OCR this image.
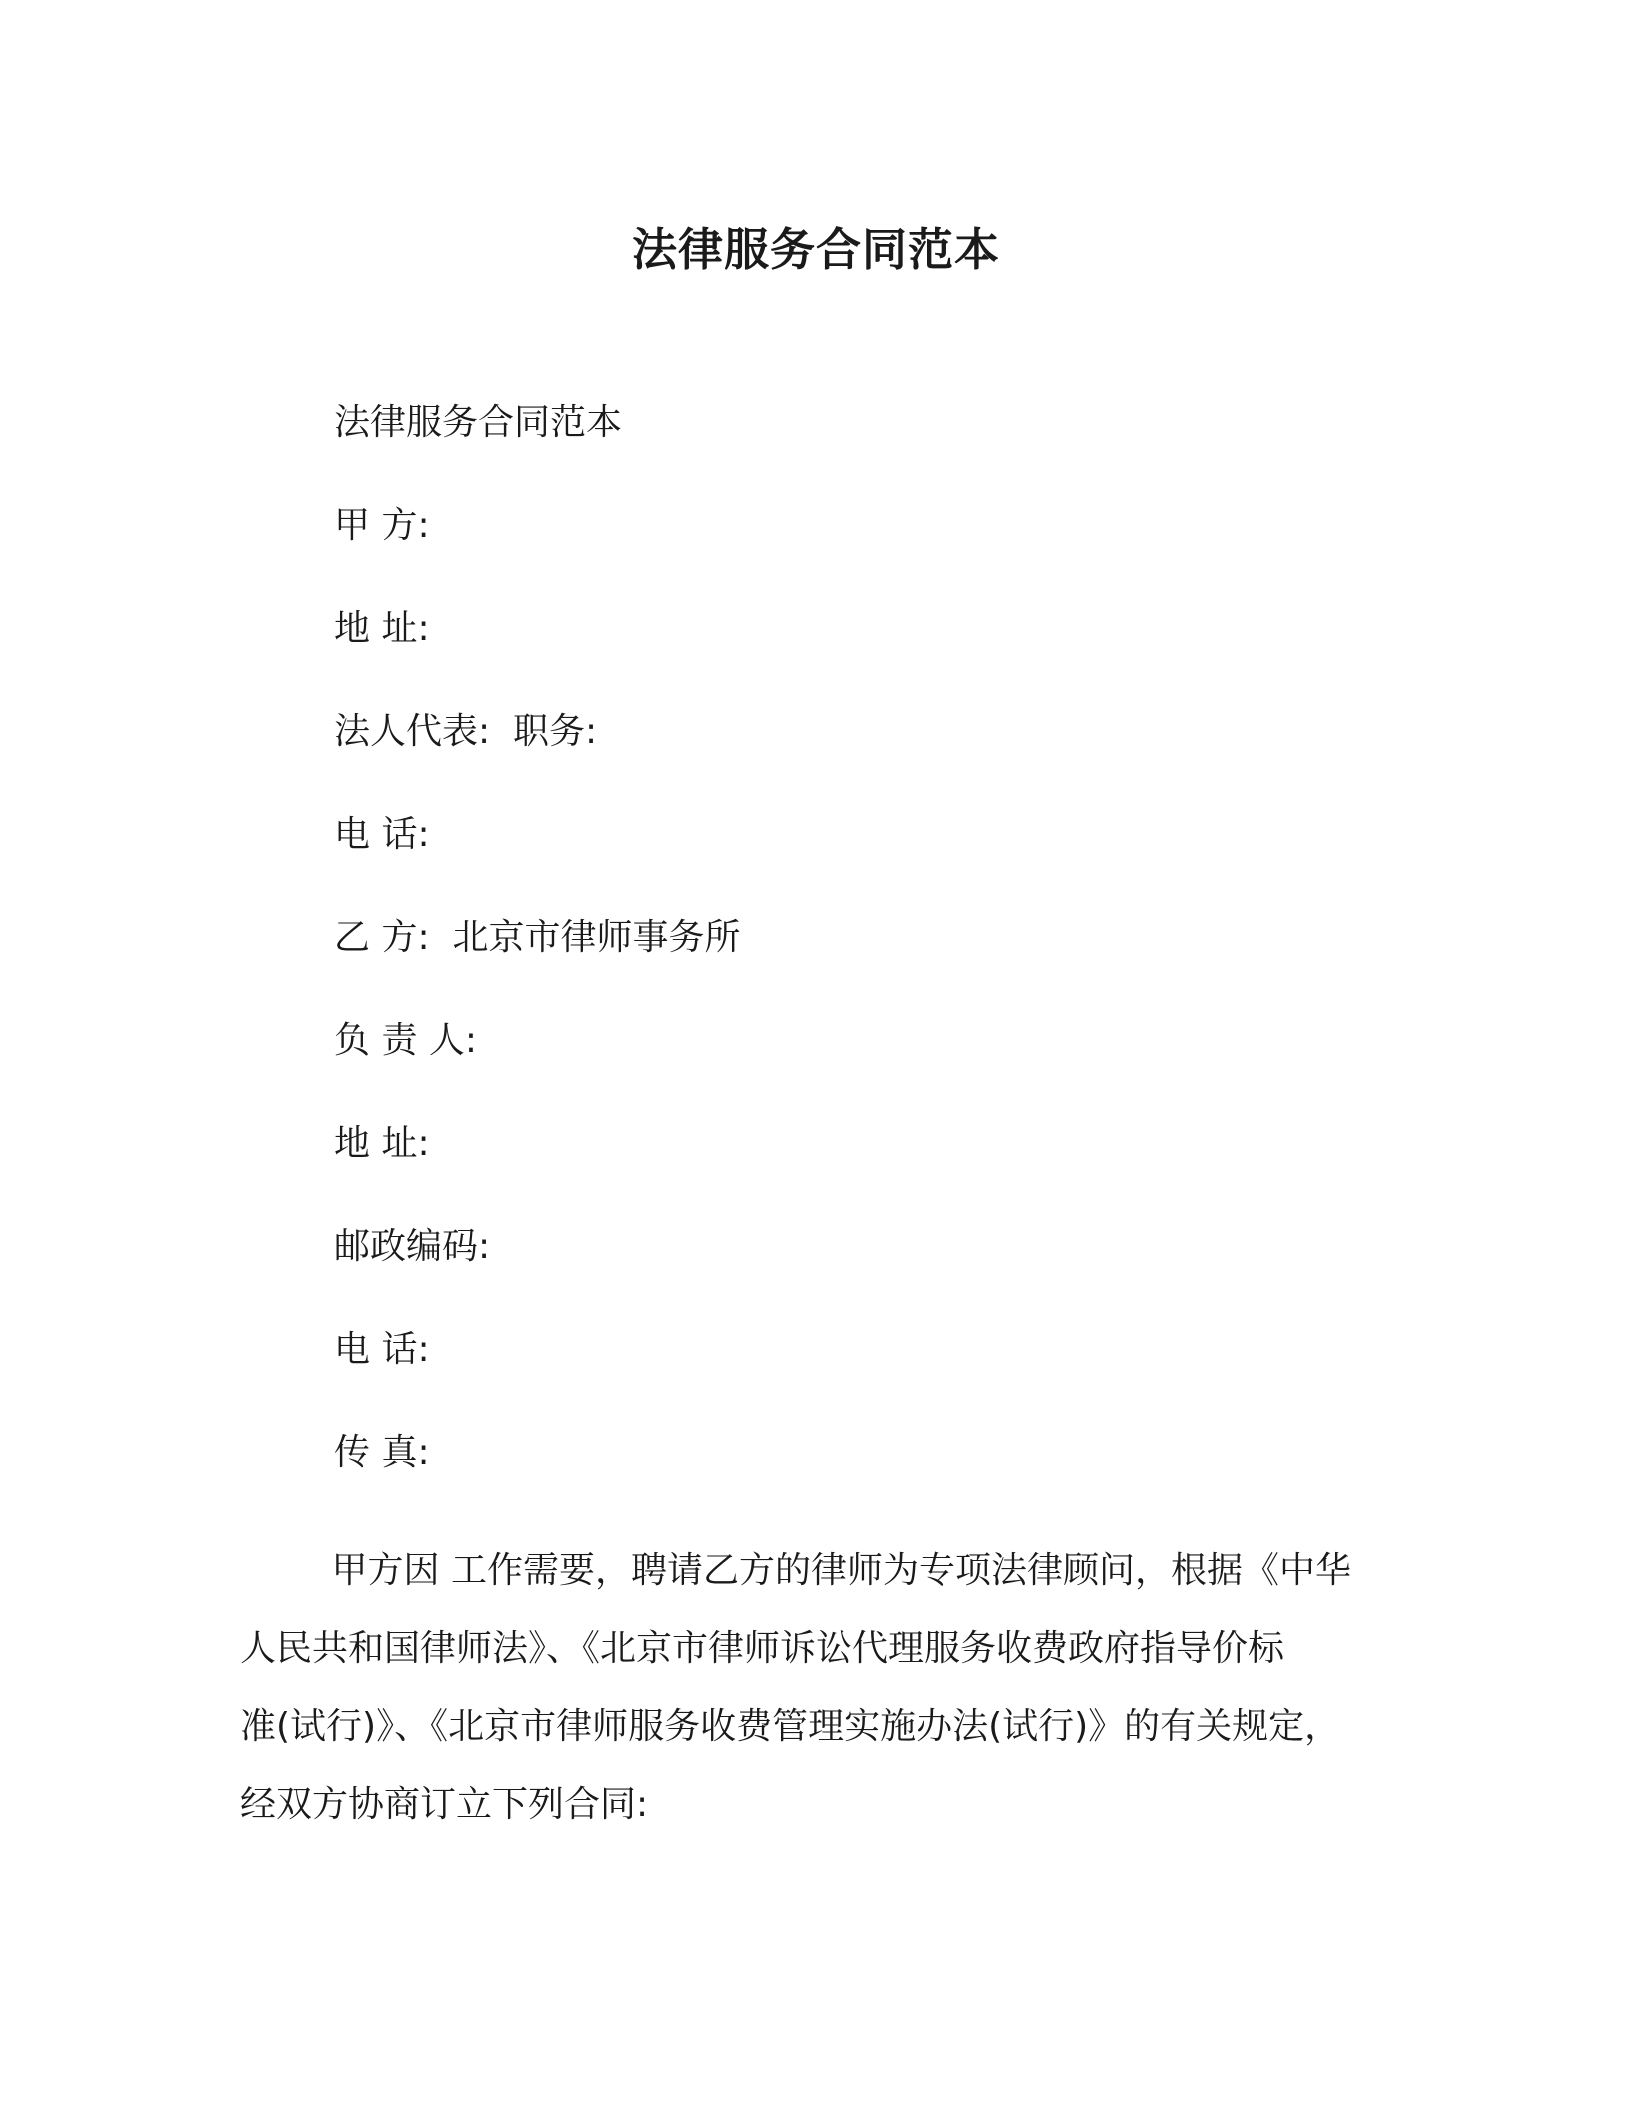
法律服务合同范本

法律服务合同范本

甲 方:

地 址:

法人代表:  职务:

电 话:

乙 方:  北京市律师事务所

负 责 人:

地 址:

邮政编码:

电 话:

传 真:

甲方因 工作需要，聘请乙方的律师为专项法律顾问，根据《中华
人民共和国律师法》、《北京市律师诉讼代理服务收费政府指导价标
准(试行)》、《北京市律师服务收费管理实施办法(试行)》的有关规定，
经双方协商订立下列合同:
